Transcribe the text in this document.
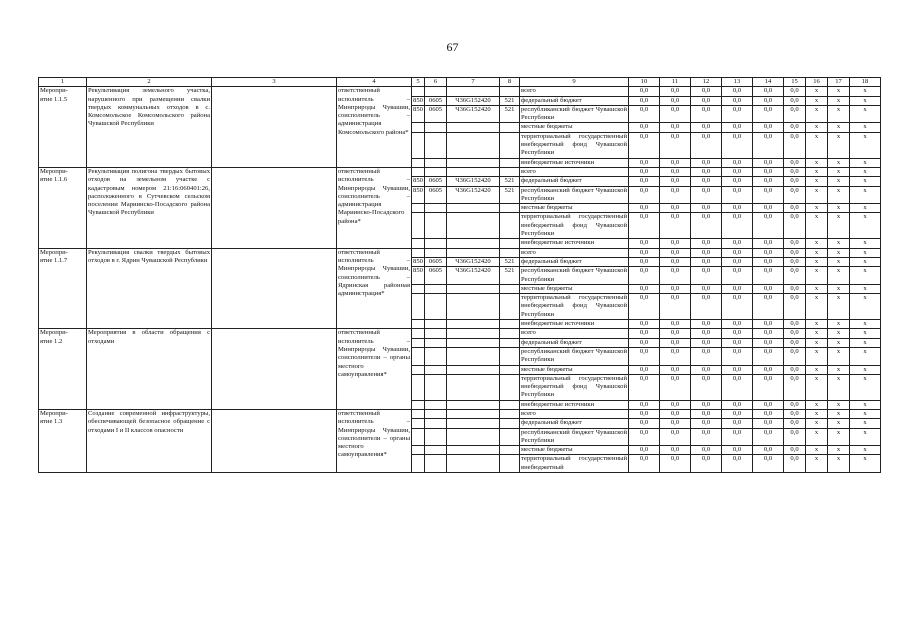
67
1	2	3	4	5	6	7	8	9	10	11	12	13	14	15	16	17	18
Меропри-
ятие 1.1.5	Рекультивация земельного участка, нарушенного при размещении свалки твердых коммунальных отходов в с. Комсомольское Комсомольского района Чувашской Республики		ответственный исполнитель – Минприроды Чувашии, соисполнитель – администрация Комсомольского района*					всего	0,0	0,0	0,0	0,0	0,0	0,0	x	x	x
				850	0605	Ч36G152420	521	федеральный бюджет	0,0	0,0	0,0	0,0	0,0	0,0	x	x	x
				850	0605	Ч36G152420	521	республиканский бюджет Чувашской Республики	0,0	0,0	0,0	0,0	0,0	0,0	x	x	x
								местные бюджеты	0,0	0,0	0,0	0,0	0,0	0,0	x	x	x
								территориальный государственный внебюджетный фонд Чувашской Республики	0,0	0,0	0,0	0,0	0,0	0,0	x	x	x
								внебюджетные источники	0,0	0,0	0,0	0,0	0,0	0,0	x	x	x
Меропри-
ятие 1.1.6	Рекультивация полигона твердых бытовых отходов на земельном участке с кадастровым номером 21:16:060401:26, расположенного в Сутчевском сельском поселении Мариинско-Посадского района Чувашской Республики		ответственный исполнитель – Минприроды Чувашии, соисполнитель – администрация Мариинско-Посадского района*					всего	0,0	0,0	0,0	0,0	0,0	0,0	x	x	x
				850	0605	Ч36G152420	521	федеральный бюджет	0,0	0,0	0,0	0,0	0,0	0,0	x	x	x
				850	0605	Ч36G152420	521	республиканский бюджет Чувашской Республики	0,0	0,0	0,0	0,0	0,0	0,0	x	x	x
								местные бюджеты	0,0	0,0	0,0	0,0	0,0	0,0	x	x	x
								территориальный государственный внебюджетный фонд Чувашской Республики	0,0	0,0	0,0	0,0	0,0	0,0	x	x	x
								внебюджетные источники	0,0	0,0	0,0	0,0	0,0	0,0	x	x	x
Меропри-
ятие 1.1.7	Рекультивация свалки твердых бытовых отходов в г. Ядрин Чувашской Республики		ответственный исполнитель – Минприроды Чувашии, соисполнитель – Ядринская районная администрация*					всего	0,0	0,0	0,0	0,0	0,0	0,0	x	x	x
				850	0605	Ч36G152420	521	федеральный бюджет	0,0	0,0	0,0	0,0	0,0	0,0	x	x	x
				850	0605	Ч36G152420	521	республиканский бюджет Чувашской Республики	0,0	0,0	0,0	0,0	0,0	0,0	x	x	x
								местные бюджеты	0,0	0,0	0,0	0,0	0,0	0,0	x	x	x
								территориальный государственный внебюджетный фонд Чувашской Республики	0,0	0,0	0,0	0,0	0,0	0,0	x	x	x
								внебюджетные источники	0,0	0,0	0,0	0,0	0,0	0,0	x	x	x
Меропри-
ятие 1.2	Мероприятия в области обращения с отходами		ответственный исполнитель – Минприроды Чувашии, соисполнители – органы местного самоуправления*					всего	0,0	0,0	0,0	0,0	0,0	0,0	x	x	x
								федеральный бюджет	0,0	0,0	0,0	0,0	0,0	0,0	x	x	x
								республиканский бюджет Чувашской Республики	0,0	0,0	0,0	0,0	0,0	0,0	x	x	x
								местные бюджеты	0,0	0,0	0,0	0,0	0,0	0,0	x	x	x
								территориальный государственный внебюджетный фонд Чувашской Республики	0,0	0,0	0,0	0,0	0,0	0,0	x	x	x
								внебюджетные источники	0,0	0,0	0,0	0,0	0,0	0,0	x	x	x
Меропри-
ятие 1.3	Создание современной инфраструктуры, обеспечивающей безопасное обращение с отходами I и II классов опасности		ответственный исполнитель – Минприроды Чувашии, соисполнители – органы местного самоуправления*					всего	0,0	0,0	0,0	0,0	0,0	0,0	x	x	x
								федеральный бюджет	0,0	0,0	0,0	0,0	0,0	0,0	x	x	x
								республиканский бюджет Чувашской Республики	0,0	0,0	0,0	0,0	0,0	0,0	x	x	x
								местные бюджеты	0,0	0,0	0,0	0,0	0,0	0,0	x	x	x
								территориальный государственный внебюджетный	0,0	0,0	0,0	0,0	0,0	0,0	x	x	x
